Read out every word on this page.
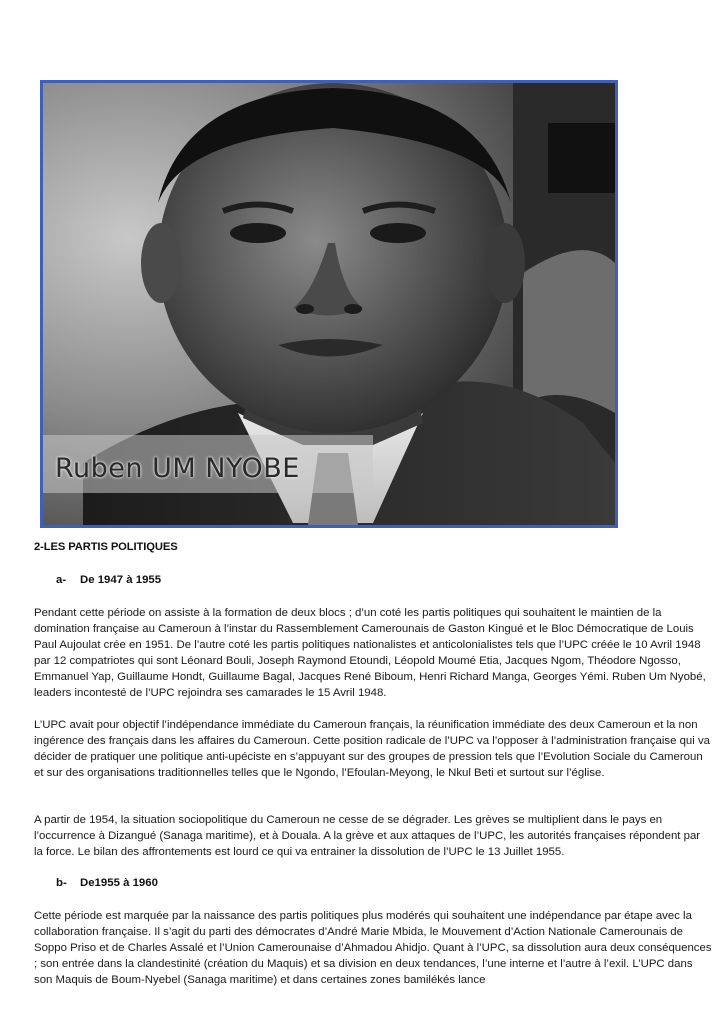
Ruben UM NYOBE
2-LES PARTIS POLITIQUES
a- De 1947 à 1955

Pendant cette période on assiste à la formation de deux blocs ; d’un coté les partis politiques qui souhaitent le maintien de la domination française au Cameroun à l’instar du Rassemblement Camerounais de Gaston Kingué et le Bloc Démocratique de Louis Paul Aujoulat crée en 1951. De l’autre coté les partis politiques nationalistes et anticolonialistes tels que l’UPC créée le 10 Avril 1948 par 12 compatriotes qui sont Léonard Bouli, Joseph Raymond Etoundi, Léopold Moumé Etia, Jacques Ngom, Théodore Ngosso, Emmanuel Yap, Guillaume Hondt, Guillaume Bagal, Jacques René Biboum, Henri Richard Manga, Georges Yémi. Ruben Um Nyobé, leaders incontesté de l’UPC rejoindra ses camarades le 15 Avril 1948.

L’UPC avait pour objectif l’indépendance immédiate du Cameroun français, la réunification immédiate des deux Cameroun et la non ingérence des français dans les affaires du Cameroun. Cette position radicale de l’UPC va l’opposer à l’administration française qui va décider de pratiquer une politique anti-upéciste en s’appuyant sur des groupes de pression tels que l’Evolution Sociale du Cameroun et sur des organisations traditionnelles telles que le Ngondo, l’Efoulan-Meyong, le Nkul Beti et surtout sur l’église.

A partir de 1954, la situation sociopolitique du Cameroun ne cesse de se dégrader. Les grèves se multiplient dans le pays en l’occurrence à Dizangué (Sanaga maritime), et à Douala. A la grève et aux attaques de l’UPC, les autorités françaises répondent par la force. Le bilan des affrontements est lourd ce qui va entrainer la dissolution de l’UPC le 13 Juillet 1955.

b- De1955 à 1960

Cette période est marquée par la naissance des partis politiques plus modérés qui souhaitent une indépendance par étape avec la collaboration française. Il s’agit du parti des démocrates d’André Marie Mbida, le Mouvement d’Action Nationale Camerounais de Soppo Priso et de Charles Assalé et l’Union Camerounaise d’Ahmadou Ahidjo. Quant à l’UPC, sa dissolution aura deux conséquences ; son entrée dans la clandestinité (création du Maquis) et sa division en deux tendances, l’une interne et l’autre à l’exil. L’UPC dans son Maquis de Boum-Nyebel (Sanaga maritime) et dans certaines zones bamilékés lance
